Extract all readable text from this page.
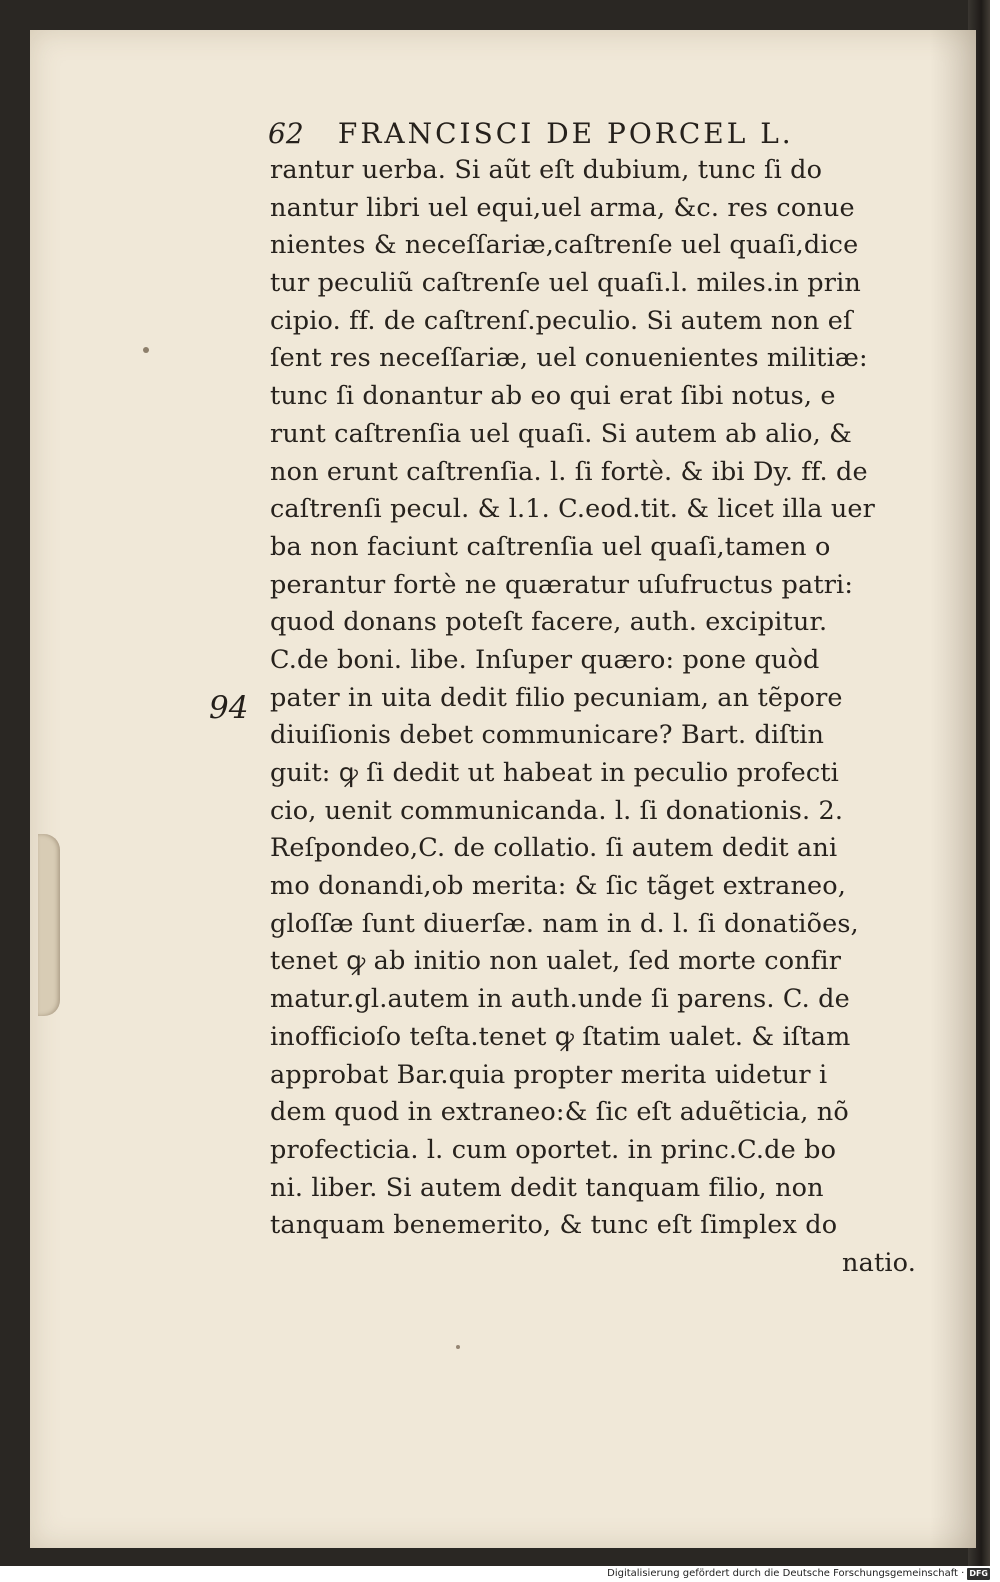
62 FRANCISCI DE PORCEL L.
94
rantur uerba. Si aũt eſt dubium, tunc ſi do
nantur libri uel equi,uel arma, &c. res conue
nientes & neceſſariæ,caſtrenſe uel quaſi,dice
tur peculiũ caſtrenſe uel quaſi.l. miles.in prin
cipio. ff. de caſtrenſ.peculio. Si autem non eſ
ſent res neceſſariæ, uel conuenientes militiæ:
tunc ſi donantur ab eo qui erat ſibi notus, e
runt caſtrenſia uel quaſi. Si autem ab alio, &
non erunt caſtrenſia. l. ſi fortè. & ibi Dy. ff. de
caſtrenſi pecul. & l.1. C.eod.tit. & licet illa uer
ba non faciunt caſtrenſia uel quaſi,tamen o
perantur fortè ne quæratur uſufructus patri:
quod donans poteſt facere, auth. excipitur.
C.de boni. libe. Inſuper quæro: pone quòd
pater in uita dedit filio pecuniam, an tẽpore
diuiſionis debet communicare? Bart. diſtin
guit: ꝙ ſi dedit ut habeat in peculio profecti
cio, uenit communicanda. l. ſi donationis. 2.
Reſpondeo,C. de collatio. ſi autem dedit ani
mo donandi,ob merita: & ſic tãget extraneo,
gloſſæ ſunt diuerſæ. nam in d. l. ſi donatiões,
tenet ꝙ ab initio non ualet, ſed morte confir
matur.gl.autem in auth.unde ſi parens. C. de
inofficioſo teſta.tenet ꝙ ſtatim ualet. & iſtam
approbat Bar.quia propter merita uidetur i
dem quod in extraneo:& ſic eſt aduẽticia, nõ
profecticia. l. cum oportet. in princ.C.de bo
ni. liber. Si autem dedit tanquam filio, non
tanquam benemerito, & tunc eſt ſimplex do
natio.
Digitalisierung gefördert durch die Deutsche Forschungsgemeinschaft · DFG
